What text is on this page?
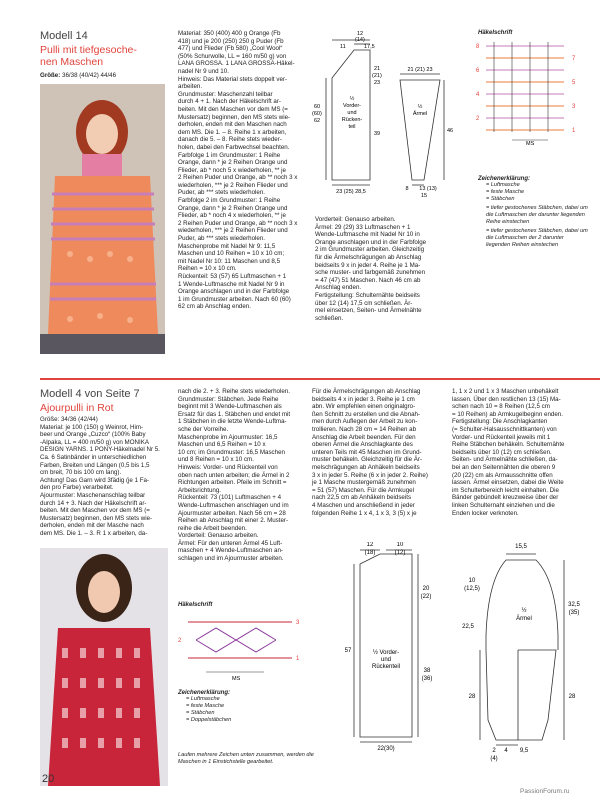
Modell 14
Pulli mit tiefgesoche-
nen Maschen
Größe: 36/38 (40/42) 44/46
Material: 350 (400) 400 g Orange (Fb
418) und je 200 (250) 250 g Puder (Fb
477) und Flieder (Fb 580) „Cool Wool“
(50% Schurwolle, LL = 160 m/50 g) von
LANA GROSSA. 1 LANA GROSSA-Häkel-
nadel Nr 9 und 10.
Hinweis: Das Material stets doppelt ver-
arbeiten.
Grundmuster: Maschenzahl teilbar
durch 4 + 1. Nach der Häkelschrift ar-
beiten. Mit den Maschen vor dem MS (=
Mustersatz) beginnen, den MS stets wie-
derholen, enden mit den Maschen nach
dem MS. Die 1. – 8. Reihe 1 x arbeiten,
danach die 5. – 8. Reihe stets wieder-
holen, dabei den Farbwechsel beachten.
Farbfolge 1 im Grundmuster: 1 Reihe
Orange, dann * je 2 Reihen Orange und
Flieder, ab * noch 5 x wiederholen, ** je
2 Reihen Puder und Orange, ab ** noch 3 x
wiederholen, *** je 2 Reihen Flieder und
Puder, ab *** stets wiederholen.
Farbfolge 2 im Grundmuster: 1 Reihe
Orange, dann * je 2 Reihen Orange und
Flieder, ab * noch 4 x wiederholen, ** je
2 Reihen Puder und Orange, ab ** noch 3 x
wiederholen, *** je 2 Reihen Flieder und
Puder, ab *** stets wiederholen.
Maschenprobe mit Nadel Nr 9: 11,5
Maschen und 10 Reihen = 10 x 10 cm;
mit Nadel Nr 10: 11 Maschen und 8,5
Reihen = 10 x 10 cm.
Rückenteil: 53 (57) 65 Luftmaschen + 1
1 Wende-Luftmasche mit Nadel Nr 9 in
Orange anschlagen und in der Farbfolge
1 im Grundmuster arbeiten. Nach 60 (60)
62 cm ab Anschlag enden.
12
(14)
17,5
11
60
(60)
62
21
(21)
23
39
½
Vorder-
und
Rücken-
teil
½
Ärmel
23 (25) 28,5
21 (21) 23
8 13 (13)
15
46
Häkelschrift
8
7
6
5
4
3
2
1
MS
Zeichenerklärung:
= Luftmasche
= feste Masche
= Stäbchen
= tiefer gestochenes Stäbchen, dabei um die Luftmaschen der darunter liegenden Reihe einstechen
= tiefer gestochenes Stäbchen, dabei um die Luftmaschen der 2 darunter liegenden Reihen einstechen
Vorderteil: Genauso arbeiten.
Ärmel: 29 (29) 33 Luftmaschen + 1
Wende-Luftmasche mit Nadel Nr 10 in
Orange anschlagen und in der Farbfolge
2 im Grundmuster arbeiten. Gleichzeitig
für die Ärmelschrägungen ab Anschlag
beidseits 9 x in jeder 4. Reihe je 1 Ma-
sche muster- und farbgemäß zunehmen
= 47 (47) 51 Maschen. Nach 46 cm ab
Anschlag enden.
Fertigstellung: Schulternähte beidseits
über 12 (14) 17,5 cm schließen. Är-
mel einsetzen, Seiten- und Ärmelnähte
schließen.
Modell 4 von Seite 7
Ajourpulli in Rot
Größe: 34/36 (42/44)
Material: je 100 (150) g Weinrot, Him-
beer und Orange „Cuzco“ (100% Baby
-Alpaka, LL = 400 m/50 g) von MONIKA
DESIGN YARNS. 1 PONY-Häkelnadel Nr 5.
Ca. 6 Satinbänder in unterschiedlichen
Farben, Breiten und Längen (0,5 bis 1,5
cm breit, 70 bis 100 cm lang).
Achtung! Das Garn wird 3fädig (je 1 Fa-
den pro Farbe) verarbeitet.
Ajourmuster: Maschenanschlag teilbar
durch 14 + 3. Nach der Häkelschrift ar-
beiten. Mit den Maschen vor dem MS (=
Mustersatz) beginnen, den MS stets wie-
derholen, enden mit der Masche nach
dem MS. Die 1. – 3. R 1 x arbeiten, da-
20
nach die 2. + 3. Reihe stets wiederholen.
Grundmuster: Stäbchen. Jede Reihe
beginnt mit 3 Wende-Luftmaschen als
Ersatz für das 1. Stäbchen und endet mit
1 Stäbchen in die letzte Wende-Luftma-
sche der Vorreihe.
Maschenprobe im Ajourmuster: 16,5
Maschen und 6,5 Reihen = 10 x
10 cm; im Grundmuster: 16,5 Maschen
und 8 Reihen = 10 x 10 cm.
Hinweis: Vorder- und Rückenteil von
oben nach unten arbeiten; die Ärmel in 2
Richtungen arbeiten. Pfeile im Schnitt =
Arbeitsrichtung.
Rückenteil: 73 (101) Luftmaschen + 4
Wende-Luftmaschen anschlagen und im
Ajourmuster arbeiten. Nach 56 cm = 28
Reihen ab Anschlag mit einer 2. Muster-
reihe die Arbeit beenden.
Vorderteil: Genauso arbeiten.
Ärmel: Für den unteren Ärmel 45 Luft-
maschen + 4 Wende-Luftmaschen an-
schlagen und im Ajourmuster arbeiten.
Für die Ärmelschrägungen ab Anschlag
beidseits 4 x in jeder 3. Reihe je 1 cm
abn. Wir empfehlen einen originalgro-
ßen Schnitt zu erstellen und die Abnah-
men durch Auflegen der Arbeit zu kon-
trollieren. Nach 28 cm = 14 Reihen ab
Anschlag die Arbeit beenden. Für den
oberen Ärmel die Anschlagkante des
unteren Teils mit 45 Maschen im Grund-
muster behäkeln. Gleichzeitig für die Är-
melschrägungen ab Anhäkeln beidseits
3 x in jeder 5. Reihe (6 x in jeder 2. Reihe)
je 1 Masche mustergemäß zunehmen
= 51 (57) Maschen. Für die Armkugel
nach 22,5 cm ab Anhäkeln beidseits
4 Maschen und anschließend in jeder
folgenden Reihe 1 x 4, 1 x 3, 3 (5) x je
1, 1 x 2 und 1 x 3 Maschen unbehäkelt
lassen. Über den restlichen 13 (15) Ma-
schen nach 10 = 8 Reihen (12,5 cm
= 10 Reihen) ab Armkugelbeginn enden.
Fertigstellung: Die Anschlagkanten
(= Schulter-Halsausschnittkanten) von
Vorder- und Rückenteil jeweils mit 1
Reihe Stäbchen behäkeln. Schulternähte
beidseits über 10 (12) cm schließen.
Seiten- und Ärmelnähte schließen, da-
bei an den Seitennähten die oberen 9
(20 (22) cm als Armausschnitte offen
lassen. Ärmel einsetzen, dabei die Weite
im Schulterbereich leicht einhalten. Die
Bänder gebündelt kreuzweise über der
linken Schulternaht einziehen und die
Enden locker verknoten.
Häkelschrift
3
2
1
MS
Zeichenerklärung:
= Luftmasche
= feste Masche
= Stäbchen
= Doppelstäbchen
Laufen mehrere Zeichen unten zusammen, werden die Maschen in 1 Einstichstelle gearbeitet.
12
(18)
10
(12)
20
(22)
57	½ Vorder-
und
Rückenteil
38
(36)
22(30)
15,5
10
(12,5)
22,5
32,5
(35)
½
Ärmel
28	28
2
(4)
4 9,5
PassionForum.ru
